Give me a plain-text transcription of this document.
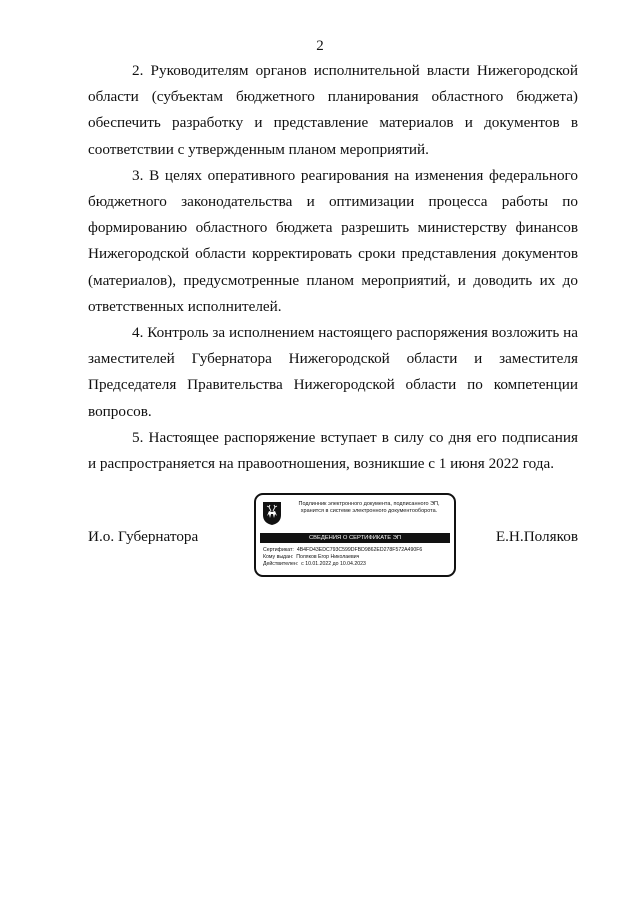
2

2. Руководителям органов исполнительной власти Нижегородской области (субъектам бюджетного планирования областного бюджета) обеспечить разработку и представление материалов и документов в соответствии с утвержденным планом мероприятий.

3. В целях оперативного реагирования на изменения федерального бюджетного законодательства и оптимизации процесса работы по формированию областного бюджета разрешить министерству финансов Нижегородской области корректировать сроки представления документов (материалов), предусмотренные планом мероприятий, и доводить их до ответственных исполнителей.

4. Контроль за исполнением настоящего распоряжения возложить на заместителей Губернатора Нижегородской области и заместителя Председателя Правительства Нижегородской области по компетенции вопросов.

5. Настоящее распоряжение вступает в силу со дня его подписания и распространяется на правоотношения, возникшие с 1 июня 2022 года.

И.о. Губернатора	Е.Н.Поляков
Подлинник электронного документа, подписанного ЭП, хранится в системе электронного документооборота.
СВЕДЕНИЯ О СЕРТИФИКАТЕ ЭП
Сертификат: 4B4FD43EDC793C599DFBD9862ED278F572A490F6
Кому выдан: Поляков Егор Николаевич
Действителен: с 10.01.2022 до 10.04.2023
